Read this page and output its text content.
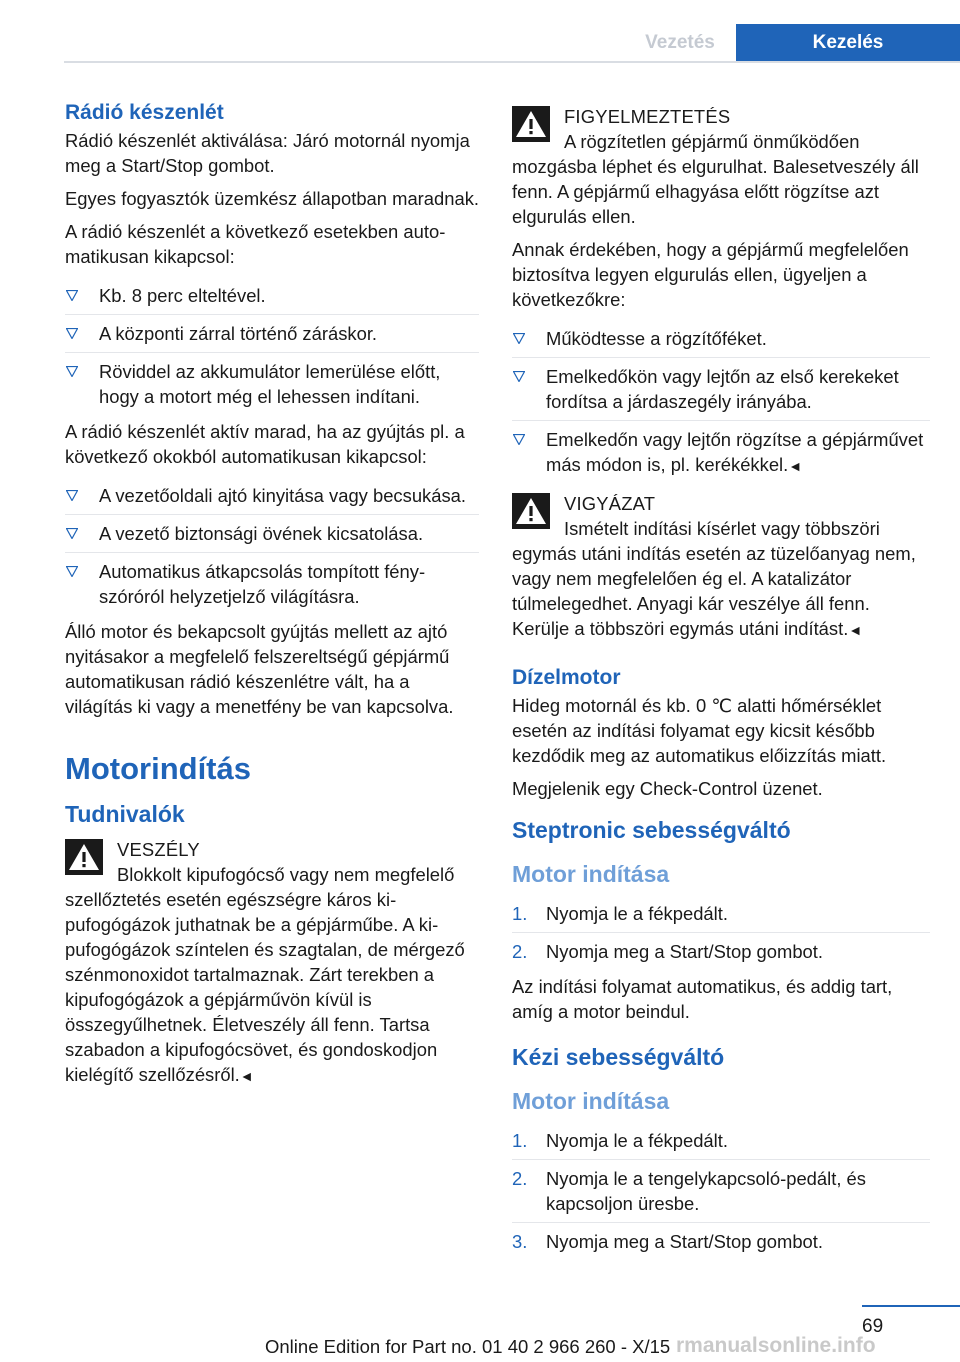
Vezetés	Kezelés
Rádió készenlét

Rádió készenlét aktiválása: Járó motornál nyomja meg a Start/Stop gombot.

Egyes fogyasztók üzemkész állapotban maradnak.

A rádió készenlét a következő esetekben automatikusan kikapcsol:

Kb. 8 perc elteltével.
A központi zárral történő záráskor.
Röviddel az akkumulátor lemerülése előtt, hogy a motort még el lehessen indítani.

A rádió készenlét aktív marad, ha az gyújtás pl. a következő okokból automatikusan kikapcsol:

A vezetőoldali ajtó kinyitása vagy becsukása.
A vezető biztonsági övének kicsatolása.
Automatikus átkapcsolás tompított fényszóróról helyzetjelző világításra.

Álló motor és bekapcsolt gyújtás mellett az ajtó nyitásakor a megfelelő felszereltségű gépjármű automatikusan rádió készenlétre vált, ha a világítás ki vagy a menetfény be van kapcsolva.

Motorindítás
Tudnivalók
VESZÉLY
Blokkolt kipufogócső vagy nem megfelelő szellőztetés esetén egészségre káros kipufogógázok juthatnak be a gépjárműbe. A kipufogógázok színtelen és szagtalan, de mérgező szénmonoxidot tartalmaznak. Zárt terekben a kipufogógázok a gépjárművön kívül is összegyűlhetnek. Életveszély áll fenn. Tartsa szabadon a kipufogócsövet, és gondoskodjon kielégítő szellőzésről.◄
FIGYELMEZTETÉS
A rögzítetlen gépjármű önműködően mozgásba léphet és elgurulhat. Balesetveszély áll fenn. A gépjármű elhagyása előtt rögzítse azt elgurulás ellen.

Annak érdekében, hogy a gépjármű megfelelően biztosítva legyen elgurulás ellen, ügyeljen a következőkre:

Működtesse a rögzítőféket.
Emelkedőkön vagy lejtőn az első kerekeket fordítsa a járdaszegély irányába.
Emelkedőn vagy lejtőn rögzítse a gépjárművet más módon is, pl. kerékékkel.◄
VIGYÁZAT
Ismételt indítási kísérlet vagy többszöri egymás utáni indítás esetén az tüzelőanyag nem, vagy nem megfelelően ég el. A katalizátor túlmelegedhet. Anyagi kár veszélye áll fenn. Kerülje a többszöri egymás utáni indítást.◄
Dízelmotor

Hideg motornál és kb. 0 ℃ alatti hőmérséklet esetén az indítási folyamat egy kicsit később kezdődik meg az automatikus előizzítás miatt.

Megjelenik egy Check-Control üzenet.

Steptronic sebességváltó
Motor indítása
1. Nyomja le a fékpedált.
2. Nyomja meg a Start/Stop gombot.

Az indítási folyamat automatikus, és addig tart, amíg a motor beindul.

Kézi sebességváltó
Motor indítása
1. Nyomja le a fékpedált.
2. Nyomja le a tengelykapcsoló-pedált, és kapcsoljon üresbe.
3. Nyomja meg a Start/Stop gombot.
69
Online Edition for Part no. 01 40 2 966 260 - X/15 rmanualsonline.info
